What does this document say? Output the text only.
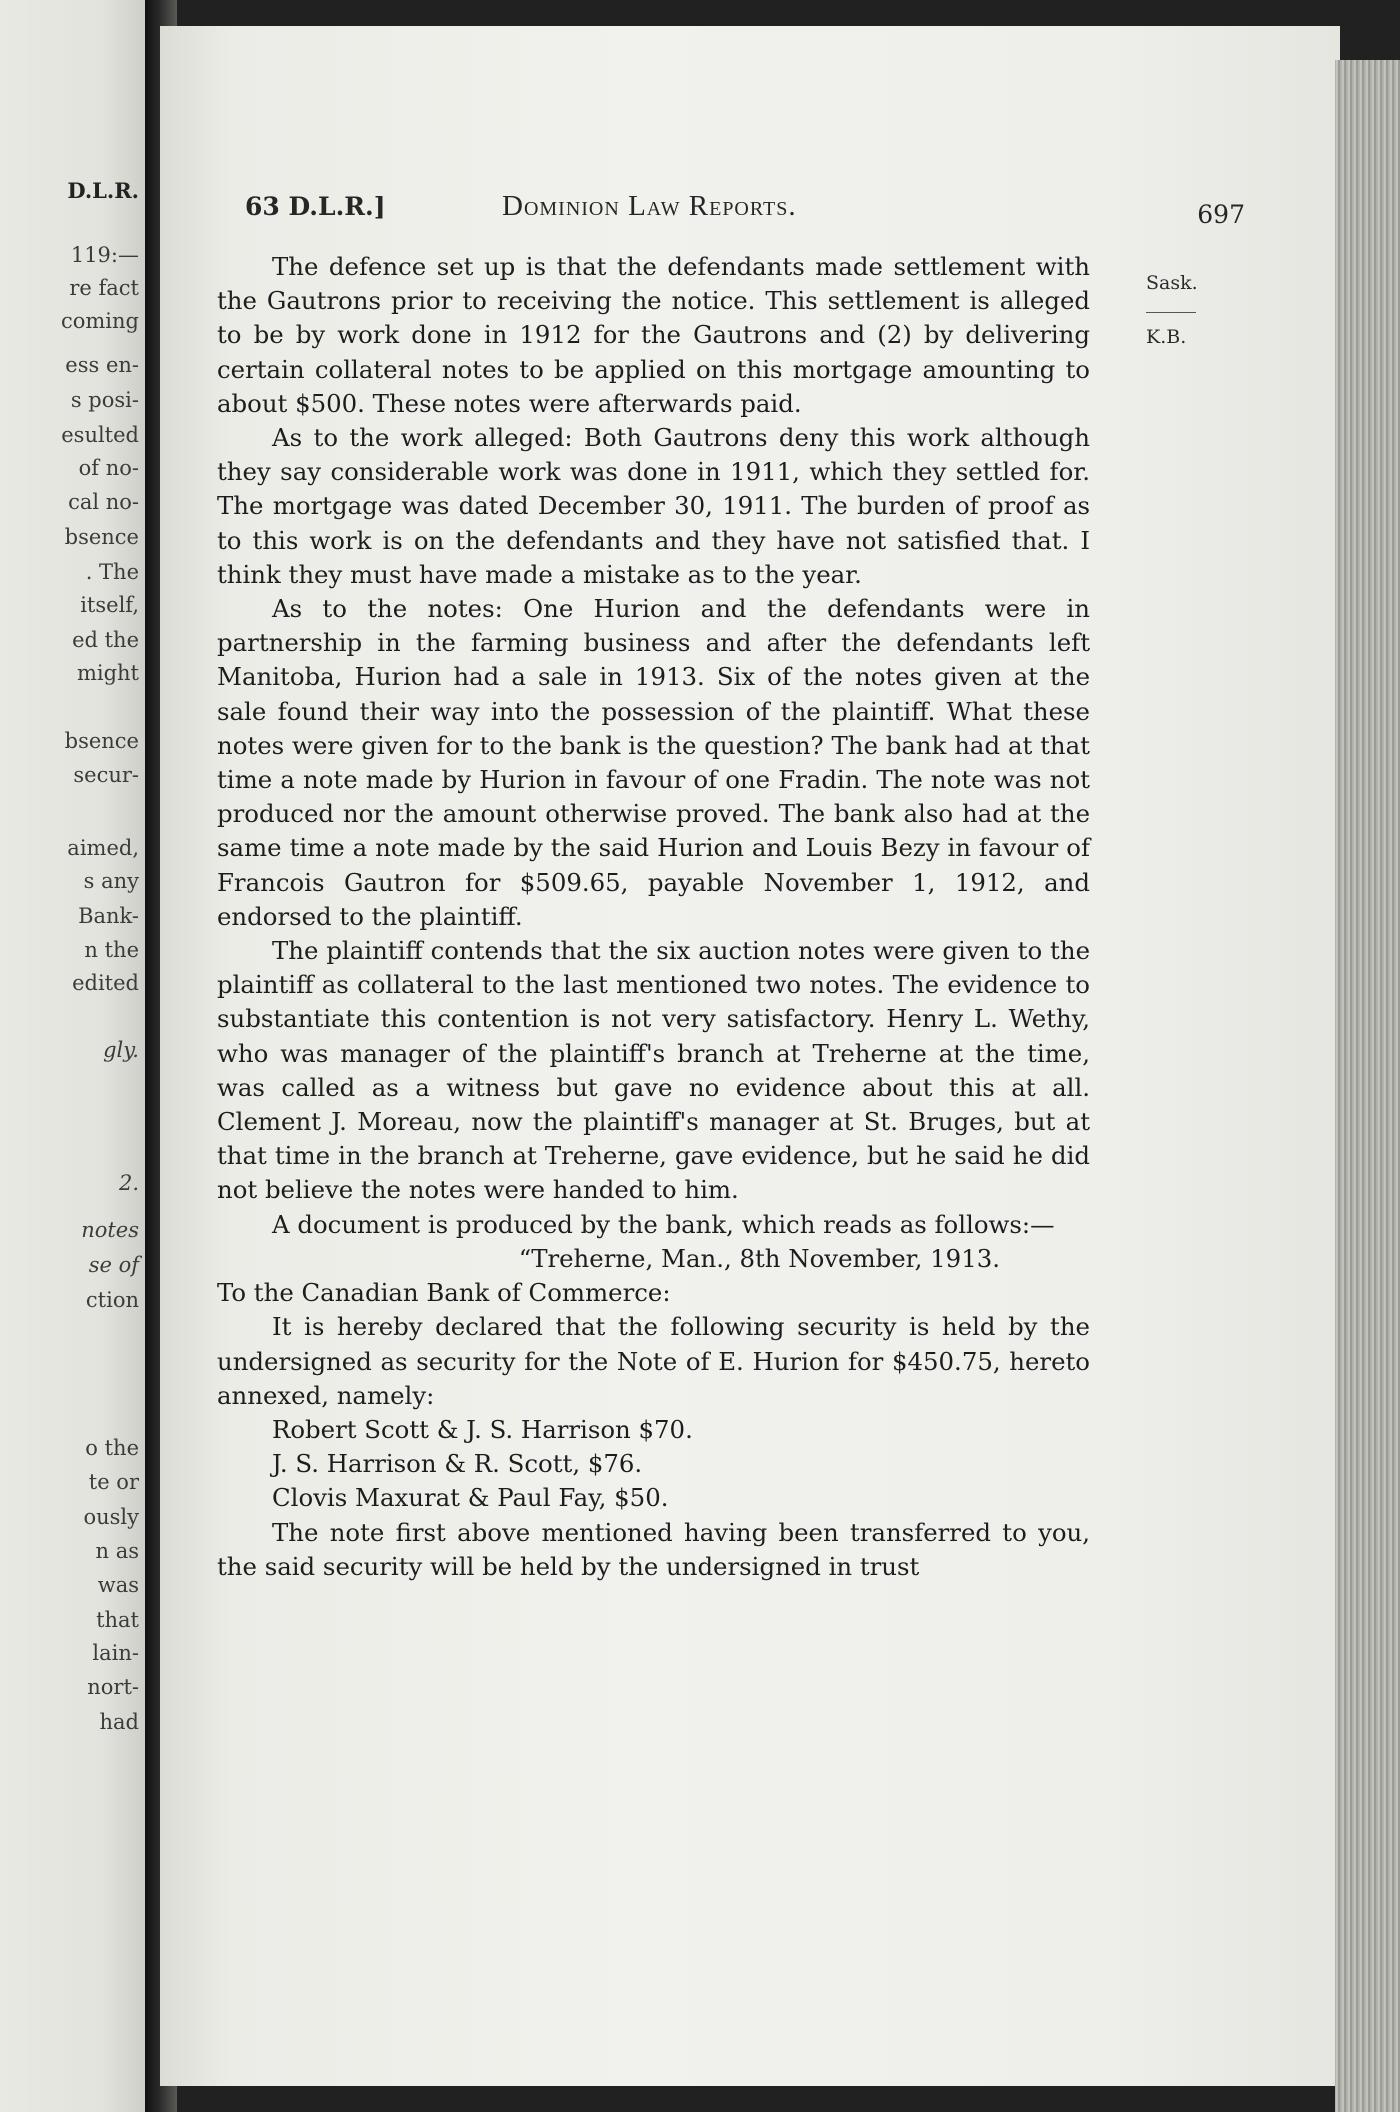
D.L.R.
119:—
re fact
coming
ess en-
s posi-
esulted
of no-
cal no-
bsence
. The
itself,
ed the
might
bsence
secur-
aimed,
s any
Bank-
n the
edited
gly.
2.
notes
se of
ction
o the
te or
ously
n as
was
that
lain-
nort-
had
63 D.L.R.]	Dominion Law Reports.	697
Sask.
K.B.

The defence set up is that the defendants made settlement with the Gautrons prior to receiving the notice. This settlement is alleged to be by work done in 1912 for the Gautrons and (2) by delivering certain collateral notes to be applied on this mortgage amounting to about $500. These notes were afterwards paid.

As to the work alleged: Both Gautrons deny this work although they say considerable work was done in 1911, which they settled for. The mortgage was dated December 30, 1911. The burden of proof as to this work is on the defendants and they have not satisfied that. I think they must have made a mistake as to the year.

As to the notes: One Hurion and the defendants were in partnership in the farming business and after the defendants left Manitoba, Hurion had a sale in 1913. Six of the notes given at the sale found their way into the possession of the plaintiff. What these notes were given for to the bank is the question? The bank had at that time a note made by Hurion in favour of one Fradin. The note was not produced nor the amount otherwise proved. The bank also had at the same time a note made by the said Hurion and Louis Bezy in favour of Francois Gautron for $509.65, payable November 1, 1912, and endorsed to the plaintiff.

The plaintiff contends that the six auction notes were given to the plaintiff as collateral to the last mentioned two notes. The evidence to substantiate this contention is not very satisfactory. Henry L. Wethy, who was manager of the plaintiff's branch at Treherne at the time, was called as a witness but gave no evidence about this at all. Clement J. Moreau, now the plaintiff's manager at St. Bruges, but at that time in the branch at Treherne, gave evidence, but he said he did not believe the notes were handed to him.

A document is produced by the bank, which reads as follows:—

“Treherne, Man., 8th November, 1913.

To the Canadian Bank of Commerce:

It is hereby declared that the following security is held by the undersigned as security for the Note of E. Hurion for $450.75, hereto annexed, namely:

Robert Scott & J. S. Harrison $70.

J. S. Harrison & R. Scott, $76.

Clovis Maxurat & Paul Fay, $50.

The note first above mentioned having been transferred to you, the said security will be held by the undersigned in trust
